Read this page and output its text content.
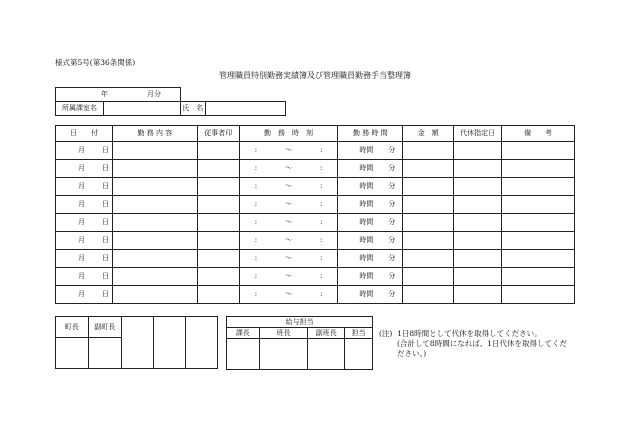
様式第5号(第36条関係)
管理職員特別勤務実績簿及び管理職員勤務手当整理簿
年 月分			
所属課室名		氏　名	
日　　付	勤 務 内 容	従事者印	勤　務　時　刻			勤 務 時 間	金　額	代休指定日	備　　考
月 日			:	～	:	時間 分			
月 日			:	～	:	時間 分			
月 日			:	～	:	時間 分			
月 日			:	～	:	時間 分			
月 日			:	～	:	時間 分			
月 日			:	～	:	時間 分			
月 日			:	～	:	時間 分			
月 日			:	～	:	時間 分			
月 日			:	～	:	時間 分			
町長	副町長			

給与担当			
課長	班長	副班長	担当
			(注) 1日8時間として代休を取得してください。
(合計して8時間になれば、1日代休を取得してくだ
ださい。)
